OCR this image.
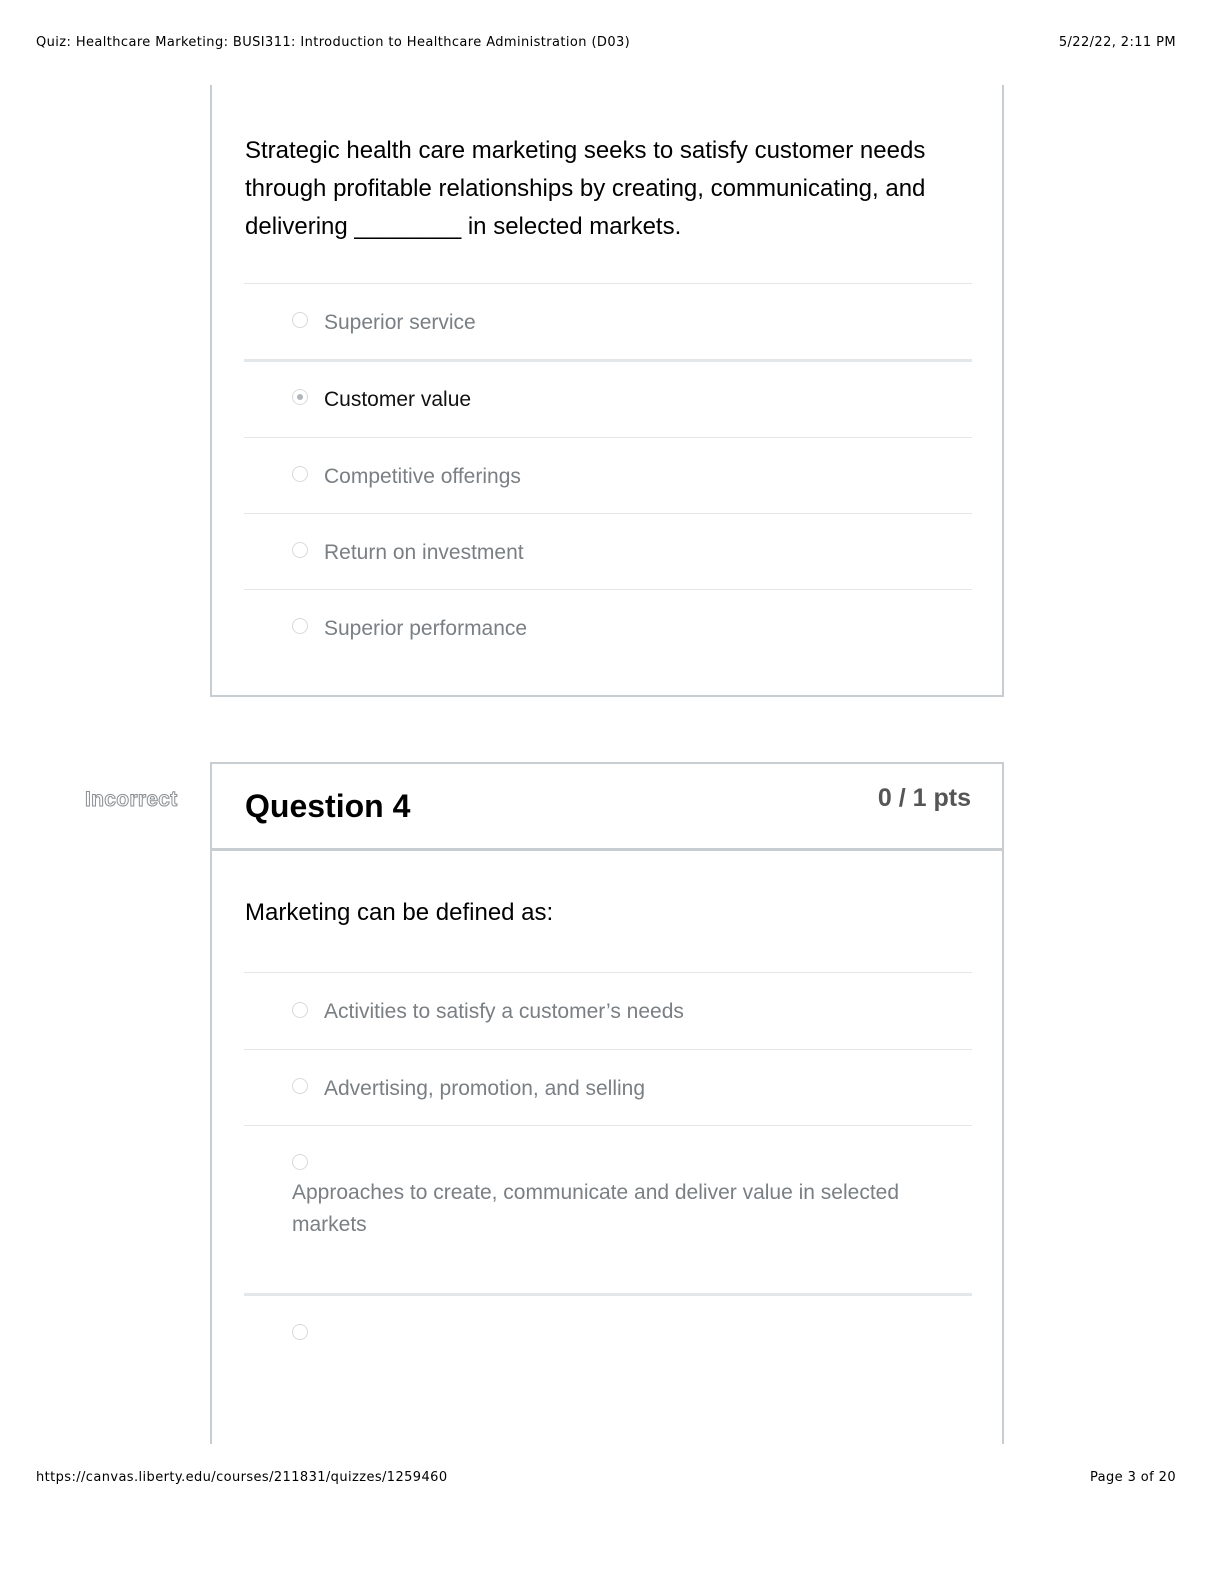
Quiz: Healthcare Marketing: BUSI311: Introduction to Healthcare Administration (D03)	5/22/22, 2:11 PM
Strategic health care marketing seeks to satisfy customer needs through profitable relationships by creating, communicating, and delivering ________ in selected markets.
Superior service
Customer value
Competitive offerings
Return on investment
Superior performance
Incorrect Question 4	0 / 1 pts
Marketing can be defined as:
Activities to satisfy a customer’s needs
Advertising, promotion, and selling
Approaches to create, communicate and deliver value in selected markets
https://canvas.liberty.edu/courses/211831/quizzes/1259460	Page 3 of 20
